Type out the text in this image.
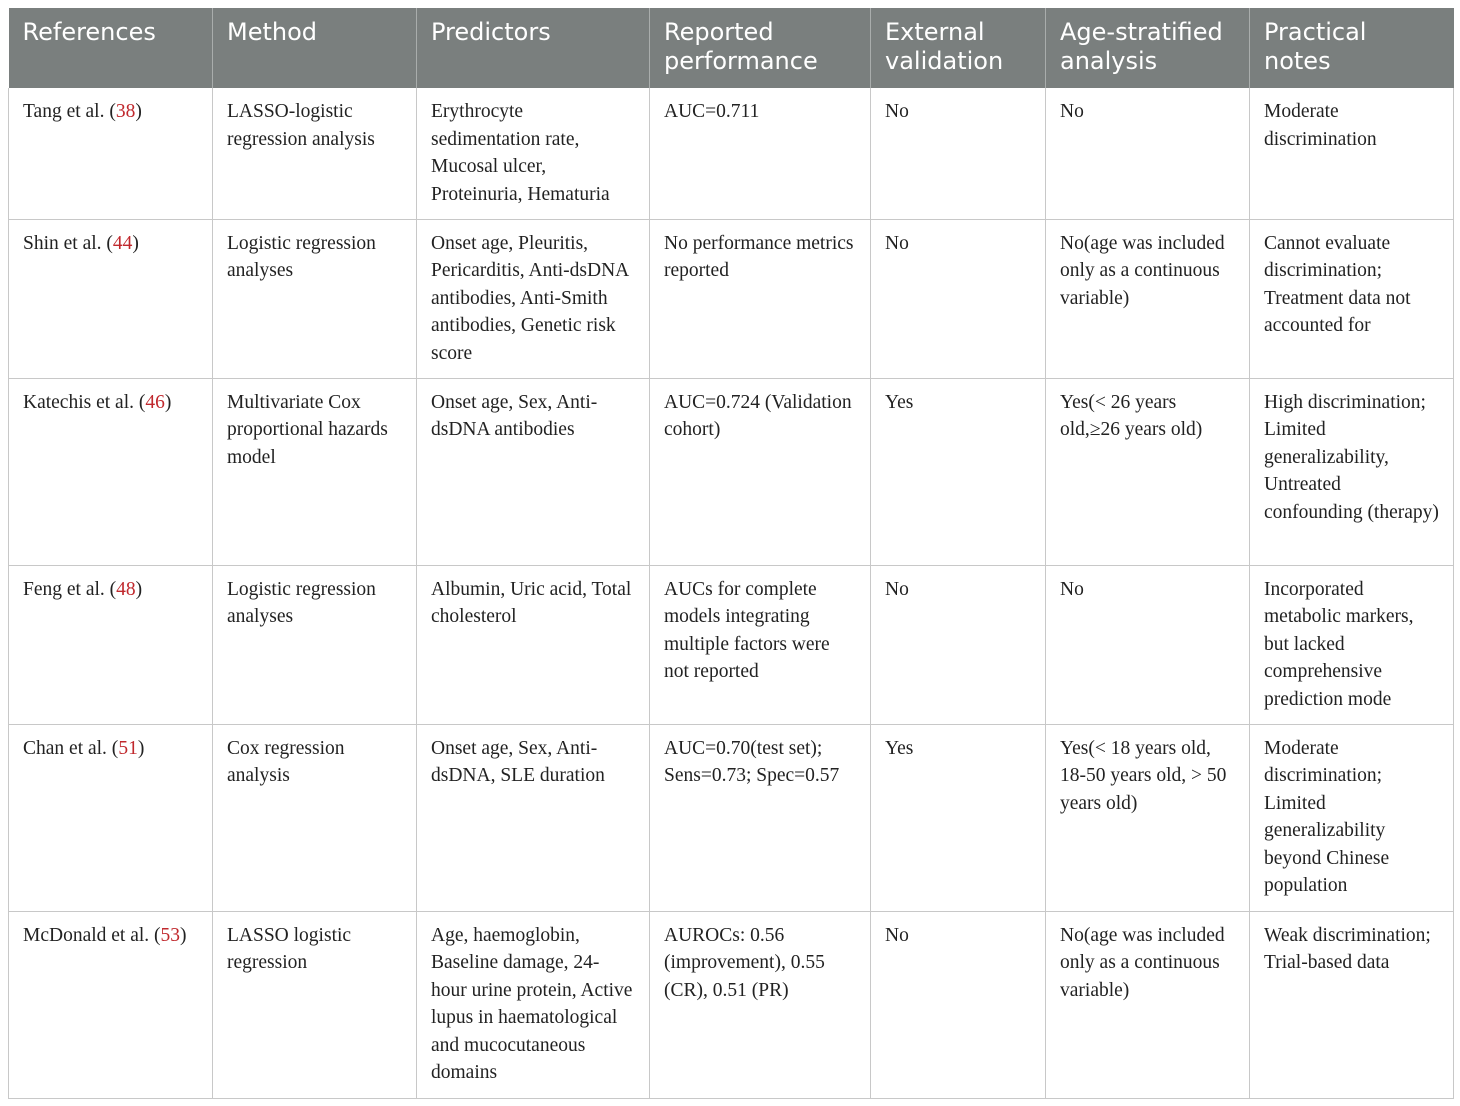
References	Method	Predictors	Reported performance	External validation	Age-stratified analysis	Practical notes
Tang et al. (38)	LASSO-logistic regression analysis	Erythrocyte sedimentation rate, Mucosal ulcer, Proteinuria, Hematuria	AUC=0.711	No	No	Moderate discrimination
Shin et al. (44)	Logistic regression analyses	Onset age, Pleuritis, Pericarditis, Anti-dsDNA antibodies, Anti-Smith antibodies, Genetic risk score	No performance metrics reported	No	No(age was included only as a continuous variable)	Cannot evaluate discrimination; Treatment data not accounted for
Katechis et al. (46)	Multivariate Cox proportional hazards model	Onset age, Sex, Anti-dsDNA antibodies	AUC=0.724 (Validation cohort)	Yes	Yes(< 26 years old,≥26 years old)	High discrimination; Limited generalizability, Untreated confounding (therapy)
Feng et al. (48)	Logistic regression analyses	Albumin, Uric acid, Total cholesterol	AUCs for complete models integrating multiple factors were not reported	No	No	Incorporated metabolic markers, but lacked comprehensive prediction mode
Chan et al. (51)	Cox regression analysis	Onset age, Sex, Anti-dsDNA, SLE duration	AUC=0.70(test set); Sens=0.73; Spec=0.57	Yes	Yes(< 18 years old, 18-50 years old, > 50 years old)	Moderate discrimination; Limited generalizability beyond Chinese population
McDonald et al. (53)	LASSO logistic regression	Age, haemoglobin, Baseline damage, 24-hour urine protein, Active lupus in haematological and mucocutaneous domains	AUROCs: 0.56 (improvement), 0.55 (CR), 0.51 (PR)	No	No(age was included only as a continuous variable)	Weak discrimination; Trial-based data
